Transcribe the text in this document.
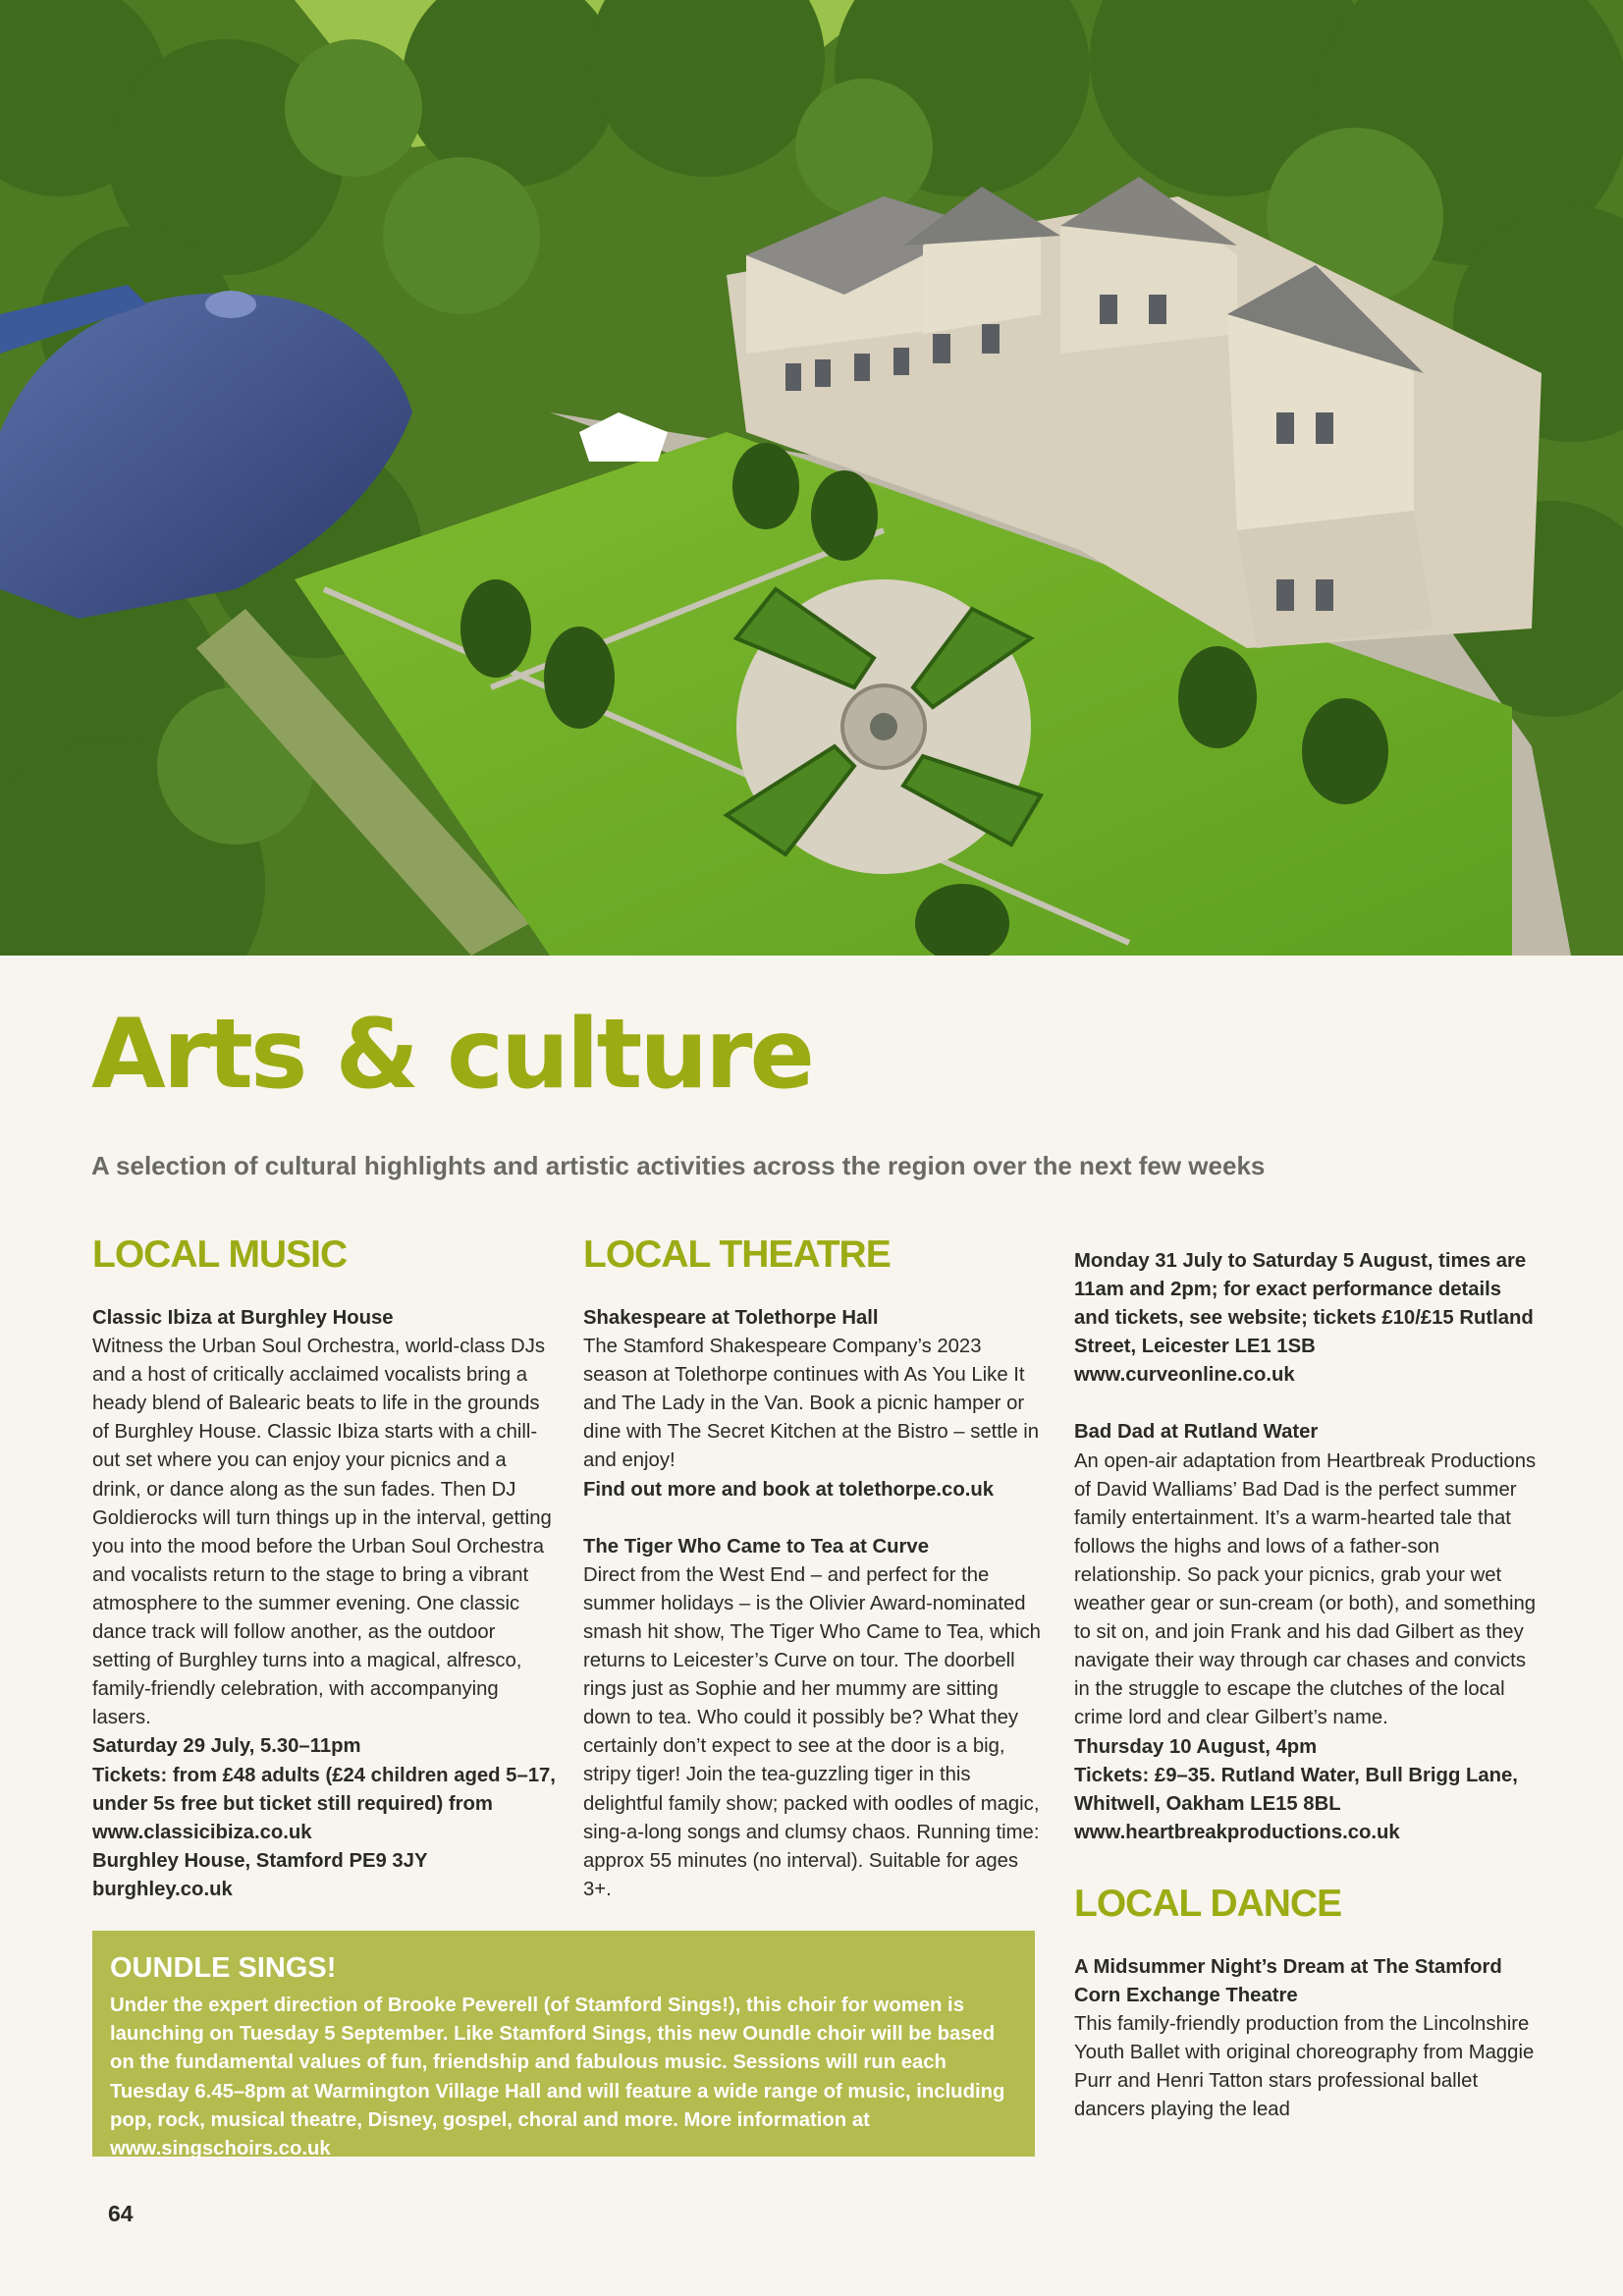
Arts & culture

A selection of cultural highlights and artistic activities across the region over the next few weeks

LOCAL MUSIC

Classic Ibiza at Burghley House

Witness the Urban Soul Orchestra, world-class DJs and a host of critically acclaimed vocalists bring a heady blend of Balearic beats to life in the grounds of Burghley House. Classic Ibiza starts with a chill-out set where you can enjoy your picnics and a drink, or dance along as the sun fades. Then DJ Goldierocks will turn things up in the interval, getting you into the mood before the Urban Soul Orchestra and vocalists return to the stage to bring a vibrant atmosphere to the summer evening. One classic dance track will follow another, as the outdoor setting of Burghley turns into a magical, alfresco, family-friendly celebration, with accompanying lasers.

Saturday 29 July, 5.30–11pm

Tickets: from £48 adults (£24 children aged 5–17, under 5s free but ticket still required) from www.classicibiza.co.uk

Burghley House, Stamford PE9 3JY

burghley.co.uk

LOCAL THEATRE

Shakespeare at Tolethorpe Hall

The Stamford Shakespeare Company’s 2023 season at Tolethorpe continues with As You Like It and The Lady in the Van. Book a picnic hamper or dine with The Secret Kitchen at the Bistro – settle in and enjoy!

Find out more and book at tolethorpe.co.uk

The Tiger Who Came to Tea at Curve

Direct from the West End – and perfect for the summer holidays – is the Olivier Award-nominated smash hit show, The Tiger Who Came to Tea, which returns to Leicester’s Curve on tour. The doorbell rings just as Sophie and her mummy are sitting down to tea. Who could it possibly be? What they certainly don’t expect to see at the door is a big, stripy tiger! Join the tea-guzzling tiger in this delightful family show; packed with oodles of magic, sing-a-long songs and clumsy chaos. Running time: approx 55 minutes (no interval). Suitable for ages 3+.

Monday 31 July to Saturday 5 August, times are 11am and 2pm; for exact performance details and tickets, see website; tickets £10/£15 Rutland Street, Leicester LE1 1SB www.curveonline.co.uk

Bad Dad at Rutland Water

An open-air adaptation from Heartbreak Productions of David Walliams’ Bad Dad is the perfect summer family entertainment. It’s a warm-hearted tale that follows the highs and lows of a father-son relationship. So pack your picnics, grab your wet weather gear or sun-cream (or both), and something to sit on, and join Frank and his dad Gilbert as they navigate their way through car chases and convicts in the struggle to escape the clutches of the local crime lord and clear Gilbert’s name.

Thursday 10 August, 4pm

Tickets: £9–35. Rutland Water, Bull Brigg Lane, Whitwell, Oakham LE15 8BL www.heartbreakproductions.co.uk

LOCAL DANCE

A Midsummer Night’s Dream at The Stamford Corn Exchange Theatre

This family-friendly production from the Lincolnshire Youth Ballet with original choreography from Maggie Purr and Henri Tatton stars professional ballet dancers playing the lead

OUNDLE SINGS!

Under the expert direction of Brooke Peverell (of Stamford Sings!), this choir for women is launching on Tuesday 5 September. Like Stamford Sings, this new Oundle choir will be based on the fundamental values of fun, friendship and fabulous music. Sessions will run each Tuesday 6.45–8pm at Warmington Village Hall and will feature a wide range of music, including pop, rock, musical theatre, Disney, gospel, choral and more. More information at www.singschoirs.co.uk

64
